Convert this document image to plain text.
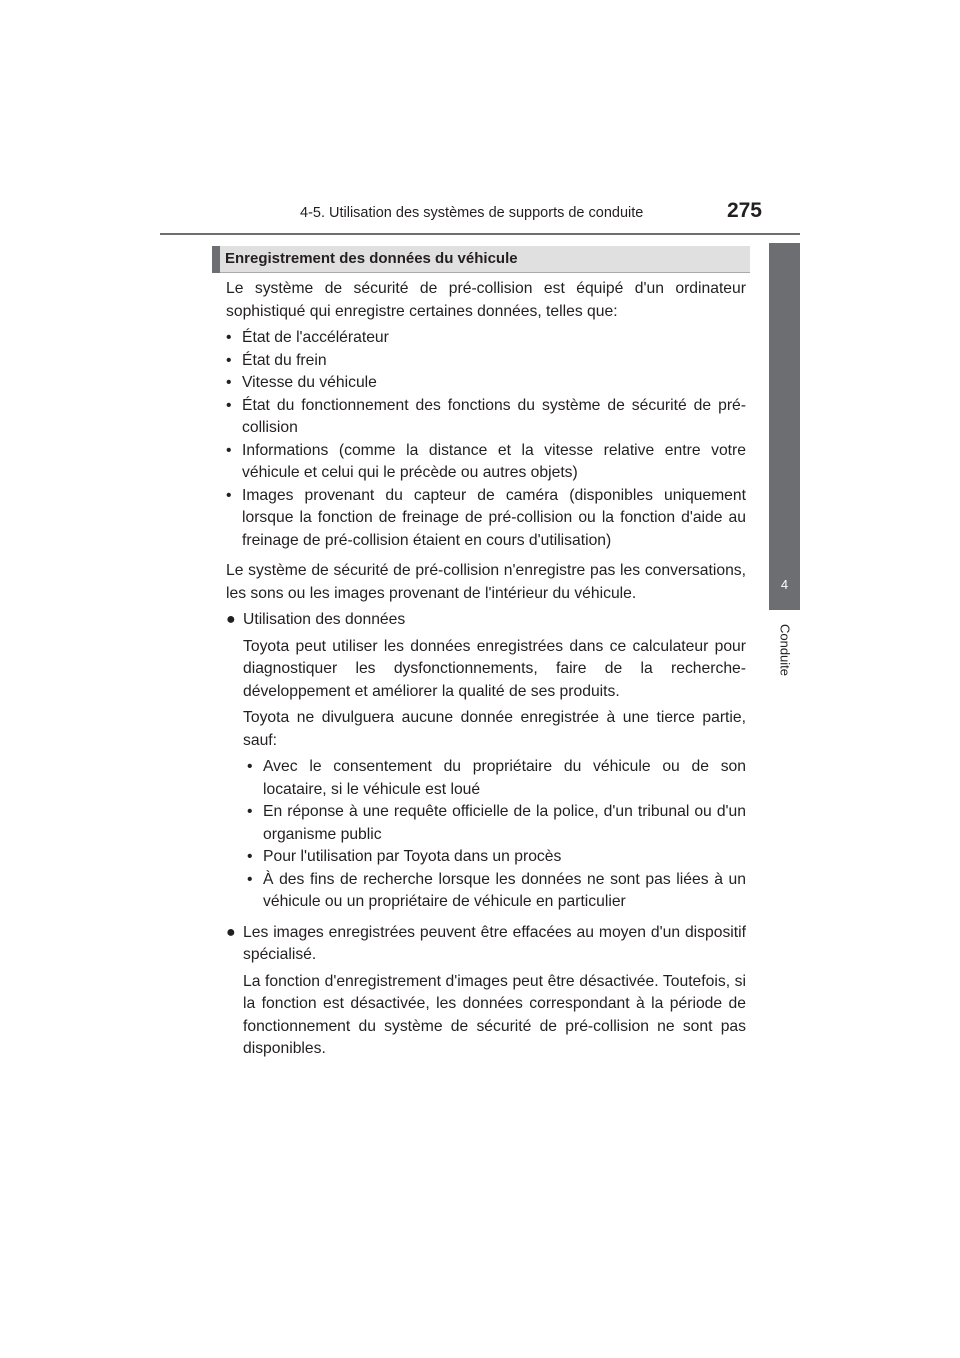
4-5. Utilisation des systèmes de supports de conduite	275
4
Conduite
Enregistrement des données du véhicule

Le système de sécurité de pré-collision est équipé d'un ordinateur sophistiqué qui enregistre certaines données, telles que:

• État de l'accélérateur
• État du frein
• Vitesse du véhicule
• État du fonctionnement des fonctions du système de sécurité de pré-collision
• Informations (comme la distance et la vitesse relative entre votre véhicule et celui qui le précède ou autres objets)
• Images provenant du capteur de caméra (disponibles uniquement lorsque la fonction de freinage de pré-collision ou la fonction d'aide au freinage de pré-collision étaient en cours d'utilisation)

Le système de sécurité de pré-collision n'enregistre pas les conversations, les sons ou les images provenant de l'intérieur du véhicule.

● Utilisation des données

Toyota peut utiliser les données enregistrées dans ce calculateur pour diagnostiquer les dysfonctionnements, faire de la recherche-développement et améliorer la qualité de ses produits.

Toyota ne divulguera aucune donnée enregistrée à une tierce partie, sauf:

• Avec le consentement du propriétaire du véhicule ou de son locataire, si le véhicule est loué
• En réponse à une requête officielle de la police, d'un tribunal ou d'un organisme public
• Pour l'utilisation par Toyota dans un procès
• À des fins de recherche lorsque les données ne sont pas liées à un véhicule ou un propriétaire de véhicule en particulier
● Les images enregistrées peuvent être effacées au moyen d'un dispositif spécialisé.

La fonction d'enregistrement d'images peut être désactivée. Toutefois, si la fonction est désactivée, les données correspondant à la période de fonctionnement du système de sécurité de pré-collision ne sont pas disponibles.
